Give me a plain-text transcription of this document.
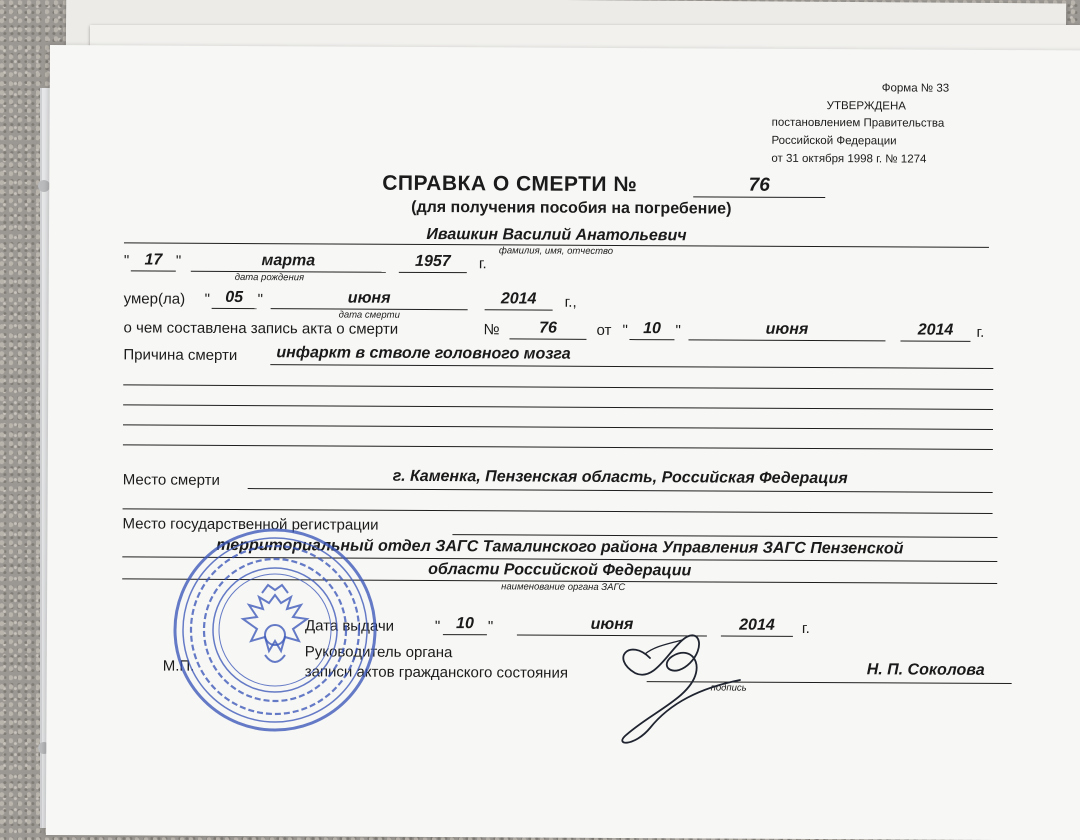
Форма № 33
УТВЕРЖДЕНА
постановлением Правительства
Российской Федерации
от 31 октября 1998 г. № 1274
СПРАВКА О СМЕРТИ №	76
(для получения пособия на погребение)
Ивашкин Василий Анатольевич
фамилия, имя, отчество
" 17 "	марта
дата рождения
1957	г.
умер(ла) " 05 "	июня
дата смерти
2014	г.,
о чем составлена запись акта о смерти	№	76	от " 10 "	июня	2014	г.
Причина смерти инфаркт в стволе головного мозга
Место смерти	г. Каменка, Пензенская область, Российская Федерация
Место государственной регистрации
территориальный отдел ЗАГС Тамалинского района Управления ЗАГС Пензенской
области Российской Федерации
наименование органа ЗАГС
Дата выдачи	" 10 "	июня	2014	г.
М.П.
Руководитель органа
записи актов гражданского состояния	Н. П. Соколова
подпись
